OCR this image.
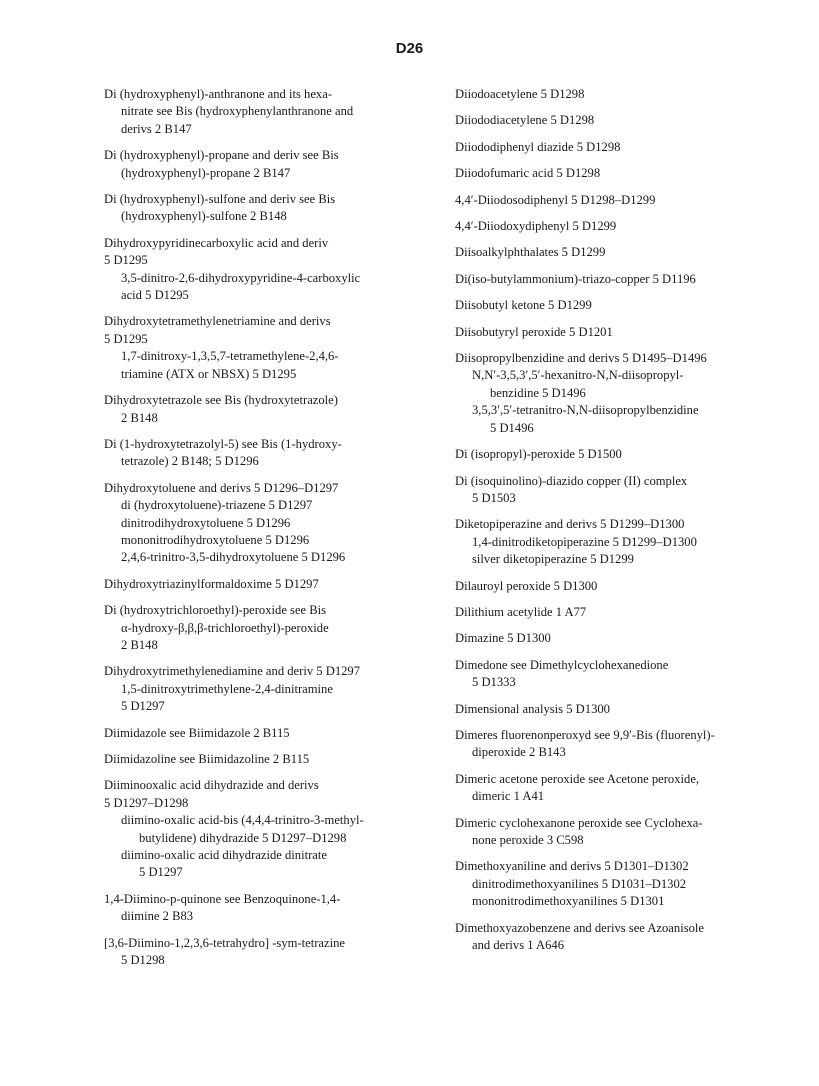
D26
Di (hydroxyphenyl)-anthranone and its hexa-
nitrate see Bis (hydroxyphenylanthranone and
derivs 2 B147
Di (hydroxyphenyl)-propane and deriv see Bis
(hydroxyphenyl)-propane 2 B147
Di (hydroxyphenyl)-sulfone and deriv see Bis
(hydroxyphenyl)-sulfone 2 B148
Dihydroxypyridinecarboxylic acid and deriv
5 D1295
3,5-dinitro-2,6-dihydroxypyridine-4-carboxylic
acid 5 D1295
Dihydroxytetramethylenetriamine and derivs
5 D1295
1,7-dinitroxy-1,3,5,7-tetramethylene-2,4,6-
triamine (ATX or NBSX) 5 D1295
Dihydroxytetrazole see Bis (hydroxytetrazole)
2 B148
Di (1-hydroxytetrazolyl-5) see Bis (1-hydroxy-
tetrazole) 2 B148; 5 D1296
Dihydroxytoluene and derivs 5 D1296–D1297
di (hydroxytoluene)-triazene 5 D1297
dinitrodihydroxytoluene 5 D1296
mononitrodihydroxytoluene 5 D1296
2,4,6-trinitro-3,5-dihydroxytoluene 5 D1296
Dihydroxytriazinylformaldoxime 5 D1297
Di (hydroxytrichloroethyl)-peroxide see Bis
α-hydroxy-β,β,β-trichloroethyl)-peroxide
2 B148
Dihydroxytrimethylenediamine and deriv 5 D1297
1,5-dinitroxytrimethylene-2,4-dinitramine
5 D1297
Diimidazole see Biimidazole 2 B115
Diimidazoline see Biimidazoline 2 B115
Diiminooxalic acid dihydrazide and derivs
5 D1297–D1298
diimino-oxalic acid-bis (4,4,4-trinitro-3-methyl-
butylidene) dihydrazide 5 D1297–D1298
diimino-oxalic acid dihydrazide dinitrate
5 D1297
1,4-Diimino-p-quinone see Benzoquinone-1,4-
diimine 2 B83
[3,6-Diimino-1,2,3,6-tetrahydro] -sym-tetrazine
5 D1298
Diiodoacetylene 5 D1298
Diiododiacetylene 5 D1298
Diiododiphenyl diazide 5 D1298
Diiodofumaric acid 5 D1298
4,4′-Diiodosodiphenyl 5 D1298–D1299
4,4′-Diiodoxydiphenyl 5 D1299
Diisoalkylphthalates 5 D1299
Di(iso-butylammonium)-triazo-copper 5 D1196
Diisobutyl ketone 5 D1299
Diisobutyryl peroxide 5 D1201
Diisopropylbenzidine and derivs 5 D1495–D1496
N,N′-3,5,3′,5′-hexanitro-N,N-diisopropyl-
benzidine 5 D1496
3,5,3′,5′-tetranitro-N,N-diisopropylbenzidine
5 D1496
Di (isopropyl)-peroxide 5 D1500
Di (isoquinolino)-diazido copper (II) complex
5 D1503
Diketopiperazine and derivs 5 D1299–D1300
1,4-dinitrodiketopiperazine 5 D1299–D1300
silver diketopiperazine 5 D1299
Dilauroyl peroxide 5 D1300
Dilithium acetylide 1 A77
Dimazine 5 D1300
Dimedone see Dimethylcyclohexanedione
5 D1333
Dimensional analysis 5 D1300
Dimeres fluorenonperoxyd see 9,9′-Bis (fluorenyl)-
diperoxide 2 B143
Dimeric acetone peroxide see Acetone peroxide,
dimeric 1 A41
Dimeric cyclohexanone peroxide see Cyclohexa-
none peroxide 3 C598
Dimethoxyaniline and derivs 5 D1301–D1302
dinitrodimethoxyanilines 5 D1031–D1302
mononitrodimethoxyanilines 5 D1301
Dimethoxyazobenzene and derivs see Azoanisole
and derivs 1 A646
